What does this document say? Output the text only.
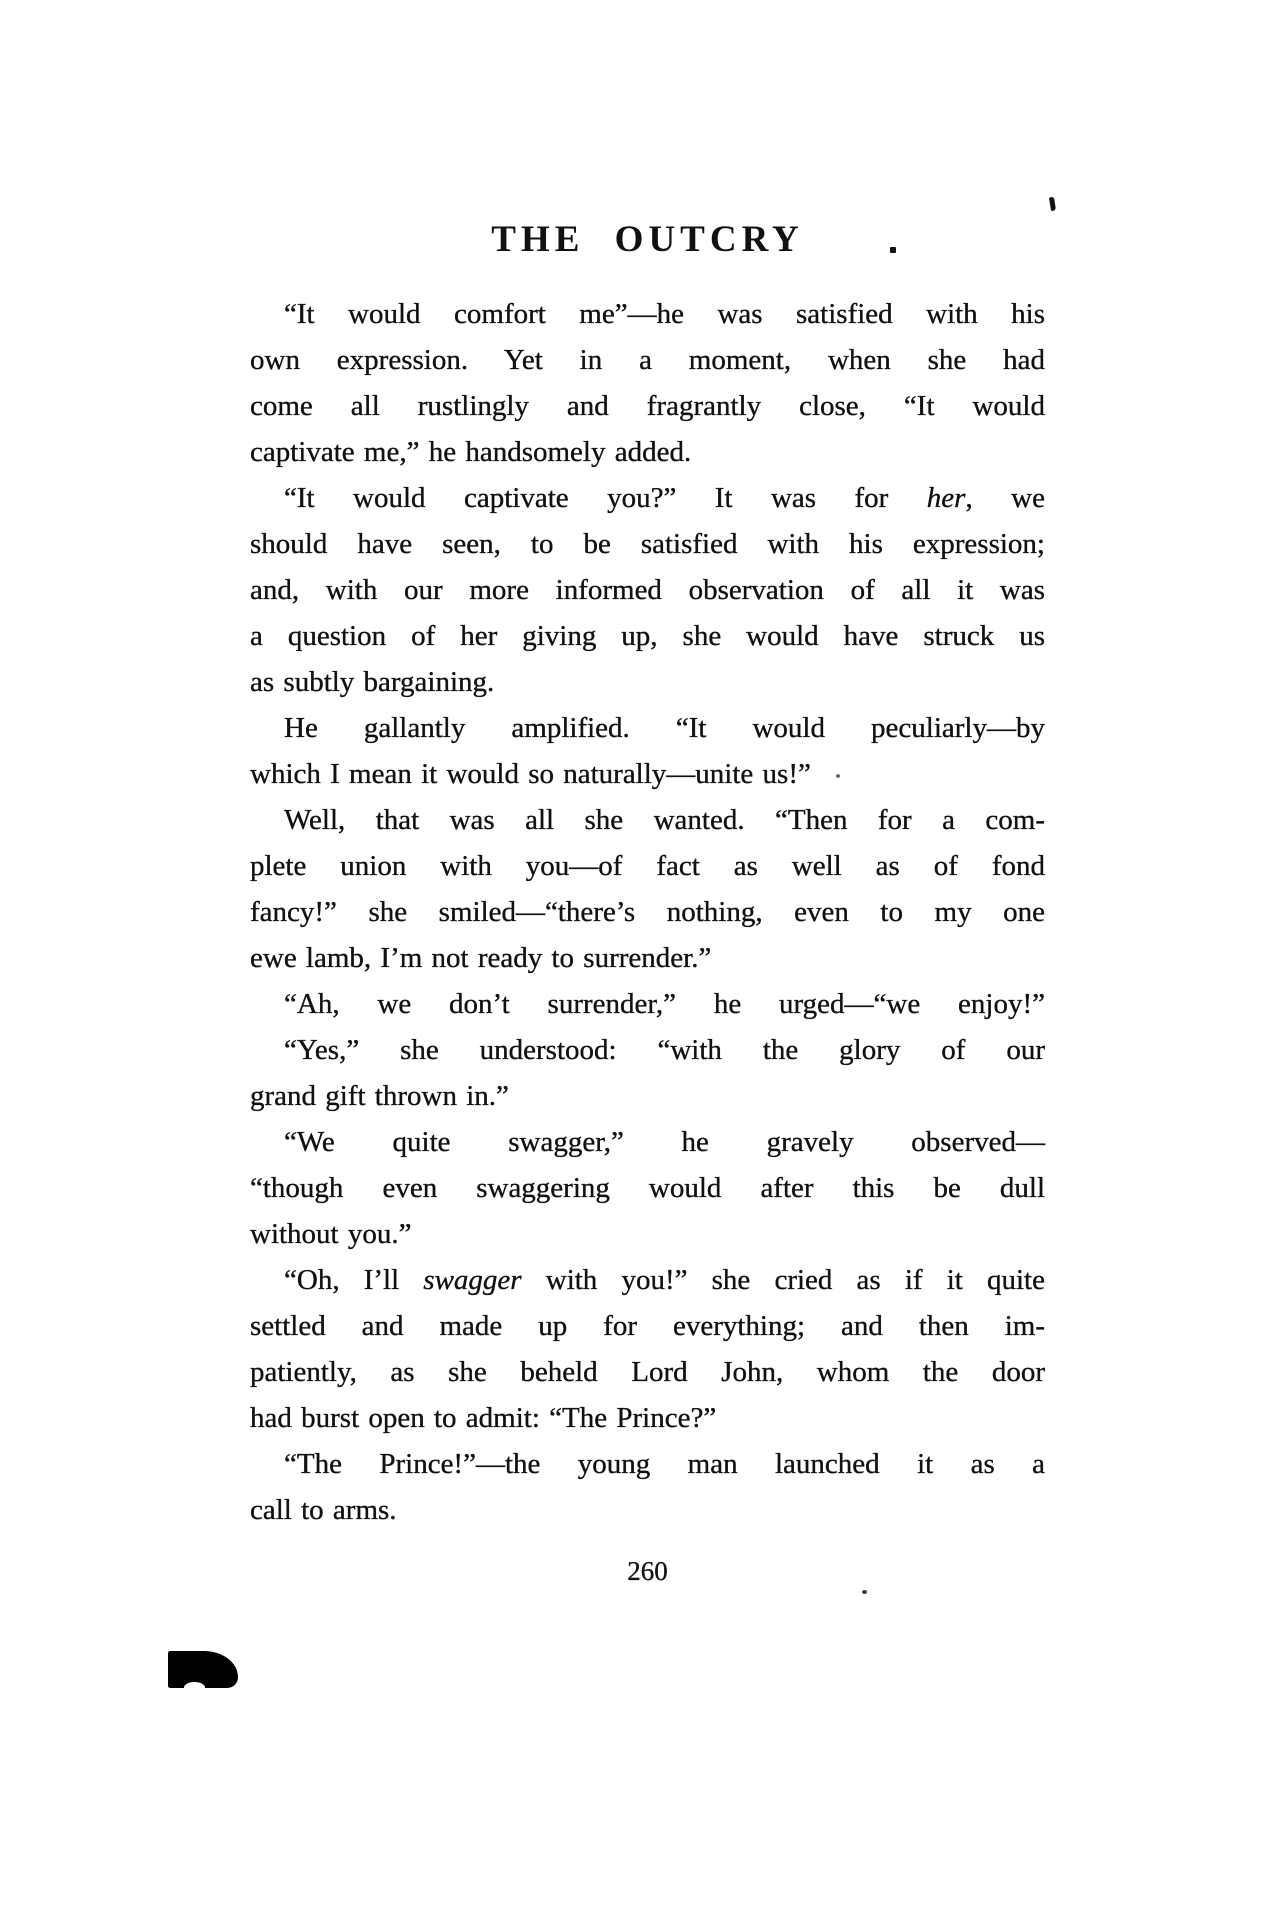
THE OUTCRY
“It would comfort me”—he was satisfied with his
own expression. Yet in a moment, when she had
come all rustlingly and fragrantly close, “It would
captivate me,” he handsomely added.
“It would captivate you?” It was for her, we
should have seen, to be satisfied with his expression;
and, with our more informed observation of all it was
a question of her giving up, she would have struck us
as subtly bargaining.
He gallantly amplified. “It would peculiarly—by
which I mean it would so naturally—unite us!”
Well, that was all she wanted. “Then for a com-
plete union with you—of fact as well as of fond
fancy!” she smiled—“there’s nothing, even to my one
ewe lamb, I’m not ready to surrender.”
“Ah, we don’t surrender,” he urged—“we enjoy!”
“Yes,” she understood: “with the glory of our
grand gift thrown in.”
“We quite swagger,” he gravely observed—
“though even swaggering would after this be dull
without you.”
“Oh, I’ll swagger with you!” she cried as if it quite
settled and made up for everything; and then im-
patiently, as she beheld Lord John, whom the door
had burst open to admit: “The Prince?”
“The Prince!”—the young man launched it as a
call to arms.
260
